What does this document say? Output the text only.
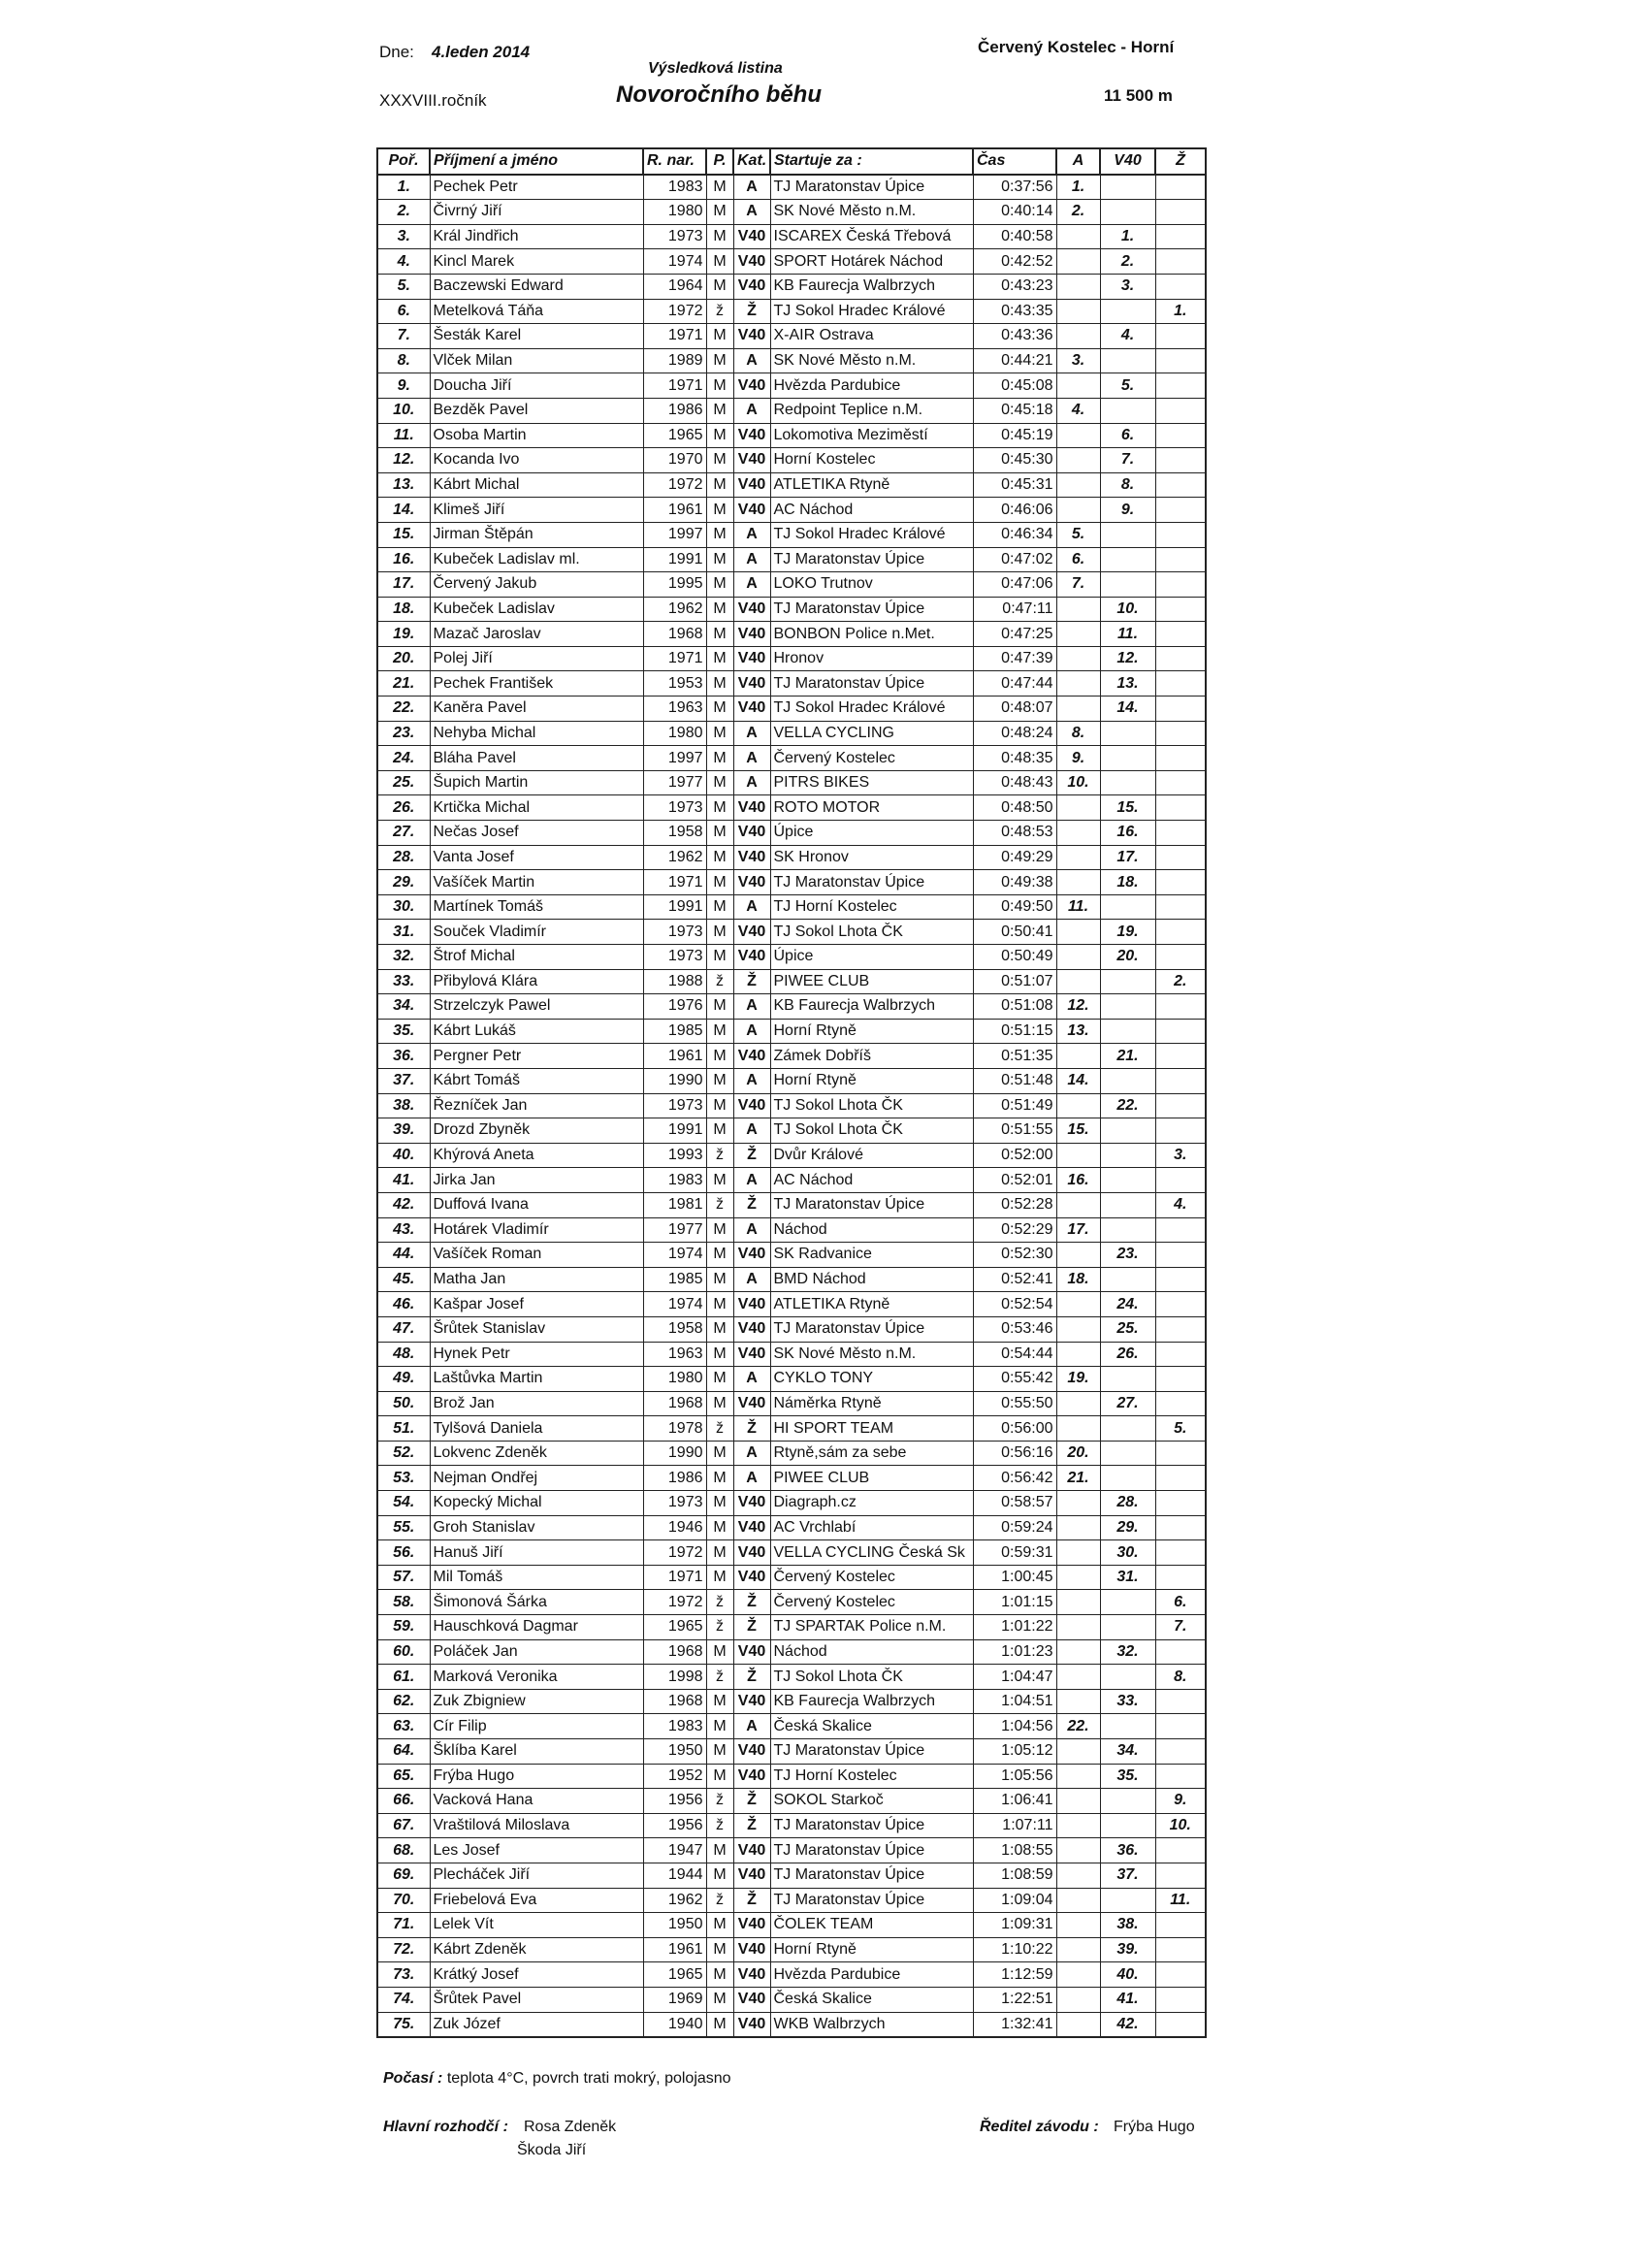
Dne: 4.leden 2014	Červený Kostelec - Horní
Výsledková listina
XXXVIII.ročník	Novoročního běhu	11 500 m
Poř.	Příjmení a jméno	R. nar.	P.	Kat.	Startuje za :	Čas	A	V40	Ž
1.	Pechek Petr	1983	M	A	TJ Maratonstav Úpice	0:37:56	1.		
2.	Čivrný Jiří	1980	M	A	SK Nové Město n.M.	0:40:14	2.		
3.	Král Jindřich	1973	M	V40	ISCAREX Česká Třebová	0:40:58		1.	
4.	Kincl Marek	1974	M	V40	SPORT Hotárek Náchod	0:42:52		2.	
5.	Baczewski Edward	1964	M	V40	KB Faurecja Walbrzych	0:43:23		3.	
6.	Metelková Táňa	1972	ž	Ž	TJ Sokol Hradec Králové	0:43:35			1.
7.	Šesták Karel	1971	M	V40	X-AIR Ostrava	0:43:36		4.	
8.	Vlček Milan	1989	M	A	SK Nové Město n.M.	0:44:21	3.		
9.	Doucha Jiří	1971	M	V40	Hvězda Pardubice	0:45:08		5.	
10.	Bezděk Pavel	1986	M	A	Redpoint Teplice n.M.	0:45:18	4.		
11.	Osoba Martin	1965	M	V40	Lokomotiva Meziměstí	0:45:19		6.	
12.	Kocanda Ivo	1970	M	V40	Horní Kostelec	0:45:30		7.	
13.	Kábrt Michal	1972	M	V40	ATLETIKA Rtyně	0:45:31		8.	
14.	Klimeš Jiří	1961	M	V40	AC Náchod	0:46:06		9.	
15.	Jirman Štěpán	1997	M	A	TJ Sokol Hradec Králové	0:46:34	5.		
16.	Kubeček Ladislav ml.	1991	M	A	TJ Maratonstav Úpice	0:47:02	6.		
17.	Červený Jakub	1995	M	A	LOKO Trutnov	0:47:06	7.		
18.	Kubeček Ladislav	1962	M	V40	TJ Maratonstav Úpice	0:47:11		10.	
19.	Mazač Jaroslav	1968	M	V40	BONBON Police n.Met.	0:47:25		11.	
20.	Polej Jiří	1971	M	V40	Hronov	0:47:39		12.	
21.	Pechek František	1953	M	V40	TJ Maratonstav Úpice	0:47:44		13.	
22.	Kaněra Pavel	1963	M	V40	TJ Sokol Hradec Králové	0:48:07		14.	
23.	Nehyba Michal	1980	M	A	VELLA CYCLING	0:48:24	8.		
24.	Bláha Pavel	1997	M	A	Červený Kostelec	0:48:35	9.		
25.	Šupich Martin	1977	M	A	PITRS BIKES	0:48:43	10.		
26.	Krtička Michal	1973	M	V40	ROTO MOTOR	0:48:50		15.	
27.	Nečas Josef	1958	M	V40	Úpice	0:48:53		16.	
28.	Vanta Josef	1962	M	V40	SK Hronov	0:49:29		17.	
29.	Vašíček Martin	1971	M	V40	TJ Maratonstav Úpice	0:49:38		18.	
30.	Martínek Tomáš	1991	M	A	TJ Horní Kostelec	0:49:50	11.		
31.	Souček Vladimír	1973	M	V40	TJ Sokol Lhota ČK	0:50:41		19.	
32.	Štrof Michal	1973	M	V40	Úpice	0:50:49		20.	
33.	Přibylová Klára	1988	ž	Ž	PIWEE CLUB	0:51:07			2.
34.	Strzelczyk Pawel	1976	M	A	KB Faurecja Walbrzych	0:51:08	12.		
35.	Kábrt Lukáš	1985	M	A	Horní Rtyně	0:51:15	13.		
36.	Pergner Petr	1961	M	V40	Zámek Dobříš	0:51:35		21.	
37.	Kábrt Tomáš	1990	M	A	Horní Rtyně	0:51:48	14.		
38.	Řezníček Jan	1973	M	V40	TJ Sokol Lhota ČK	0:51:49		22.	
39.	Drozd Zbyněk	1991	M	A	TJ Sokol Lhota ČK	0:51:55	15.		
40.	Khýrová Aneta	1993	ž	Ž	Dvůr Králové	0:52:00			3.
41.	Jirka Jan	1983	M	A	AC Náchod	0:52:01	16.		
42.	Duffová Ivana	1981	ž	Ž	TJ Maratonstav Úpice	0:52:28			4.
43.	Hotárek Vladimír	1977	M	A	Náchod	0:52:29	17.		
44.	Vašíček Roman	1974	M	V40	SK Radvanice	0:52:30		23.	
45.	Matha Jan	1985	M	A	BMD Náchod	0:52:41	18.		
46.	Kašpar Josef	1974	M	V40	ATLETIKA Rtyně	0:52:54		24.	
47.	Šrůtek Stanislav	1958	M	V40	TJ Maratonstav Úpice	0:53:46		25.	
48.	Hynek Petr	1963	M	V40	SK Nové Město n.M.	0:54:44		26.	
49.	Laštůvka Martin	1980	M	A	CYKLO TONY	0:55:42	19.		
50.	Brož Jan	1968	M	V40	Náměrka Rtyně	0:55:50		27.	
51.	Tylšová Daniela	1978	ž	Ž	HI SPORT TEAM	0:56:00			5.
52.	Lokvenc Zdeněk	1990	M	A	Rtyně,sám za sebe	0:56:16	20.		
53.	Nejman Ondřej	1986	M	A	PIWEE CLUB	0:56:42	21.		
54.	Kopecký Michal	1973	M	V40	Diagraph.cz	0:58:57		28.	
55.	Groh Stanislav	1946	M	V40	AC Vrchlabí	0:59:24		29.	
56.	Hanuš Jiří	1972	M	V40	VELLA CYCLING Česká Sk	0:59:31		30.	
57.	Mil Tomáš	1971	M	V40	Červený Kostelec	1:00:45		31.	
58.	Šimonová Šárka	1972	ž	Ž	Červený Kostelec	1:01:15			6.
59.	Hauschková Dagmar	1965	ž	Ž	TJ SPARTAK Police n.M.	1:01:22			7.
60.	Poláček Jan	1968	M	V40	Náchod	1:01:23		32.	
61.	Marková Veronika	1998	ž	Ž	TJ Sokol Lhota ČK	1:04:47			8.
62.	Zuk Zbigniew	1968	M	V40	KB Faurecja Walbrzych	1:04:51		33.	
63.	Cír Filip	1983	M	A	Česká Skalice	1:04:56	22.		
64.	Šklíba Karel	1950	M	V40	TJ Maratonstav Úpice	1:05:12		34.	
65.	Frýba Hugo	1952	M	V40	TJ Horní Kostelec	1:05:56		35.	
66.	Vacková Hana	1956	ž	Ž	SOKOL Starkoč	1:06:41			9.
67.	Vraštilová Miloslava	1956	ž	Ž	TJ Maratonstav Úpice	1:07:11			10.
68.	Les Josef	1947	M	V40	TJ Maratonstav Úpice	1:08:55		36.	
69.	Plecháček Jiří	1944	M	V40	TJ Maratonstav Úpice	1:08:59		37.	
70.	Friebelová Eva	1962	ž	Ž	TJ Maratonstav Úpice	1:09:04			11.
71.	Lelek Vít	1950	M	V40	ČOLEK TEAM	1:09:31		38.	
72.	Kábrt Zdeněk	1961	M	V40	Horní Rtyně	1:10:22		39.	
73.	Krátký Josef	1965	M	V40	Hvězda Pardubice	1:12:59		40.	
74.	Šrůtek Pavel	1969	M	V40	Česká Skalice	1:22:51		41.	
75.	Zuk Józef	1940	M	V40	WKB Walbrzych	1:32:41		42.	
Počasí : teplota 4°C, povrch trati mokrý, polojasno
Hlavní rozhodčí : Rosa Zdeněk
Škoda Jiří
Ředitel závodu : Frýba Hugo
